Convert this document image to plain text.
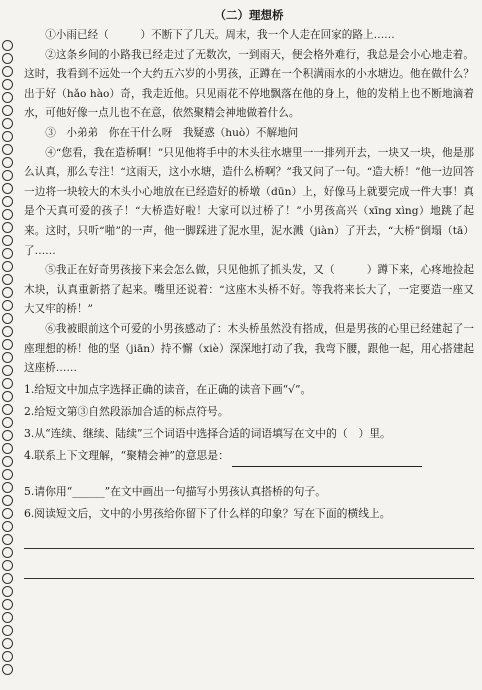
（二）理想桥

①小雨已经（　　　）不断下了几天。周末，我一个人走在回家的路上……

②这条乡间的小路我已经走过了无数次，一到雨天，便会格外难行，我总是会小心地走着。这时，我看到不远处一个大约五六岁的小男孩，正蹲在一个积满雨水的小水塘边。他在做什么？出于好（hǎo hào）奇，我走近他。只见雨花不停地飘落在他的身上，他的发梢上也不断地滴着水，可他好像一点儿也不在意，依然聚精会神地做着什么。

③　小弟弟　你在干什么呀　我疑惑（huò）不解地问

④“您看，我在造桥啊！”只见他将手中的木头往水塘里一一排列开去，一块又一块，他是那么认真，那么专注！“这雨天，这小水塘，造什么桥啊？”我又问了一句。“造大桥！”他一边回答一边将一块较大的木头小心地放在已经造好的桥墩（dūn）上，好像马上就要完成一件大事！真是个天真可爱的孩子！“大桥造好啦！大家可以过桥了！”小男孩高兴（xīng xìng）地跳了起来。这时，只听“啪”的一声，他一脚踩进了泥水里，泥水溅（jiàn）了开去，“大桥”倒塌（tā）了……

⑤我正在好奇男孩接下来会怎么做，只见他抓了抓头发，又（　　　）蹲下来，心疼地捡起木块，认真重新搭了起来。嘴里还说着：“这座木头桥不好。等我将来长大了，一定要造一座又大又牢的桥！”

⑥我被眼前这个可爱的小男孩感动了：木头桥虽然没有搭成，但是男孩的心里已经建起了一座理想的桥！他的坚（jiān）持不懈（xiè）深深地打动了我，我弯下腰，跟他一起，用心搭建起这座桥……

1.给短文中加点字选择正确的读音，在正确的读音下画“√”。

2.给短文第③自然段添加合适的标点符号。

3.从“连续、继续、陆续”三个词语中选择合适的词语填写在文中的（　）里。

4.联系上下文理解，“聚精会神”的意思是：

5.请你用“______”在文中画出一句描写小男孩认真搭桥的句子。

6.阅读短文后，文中的小男孩给你留下了什么样的印象？写在下面的横线上。
